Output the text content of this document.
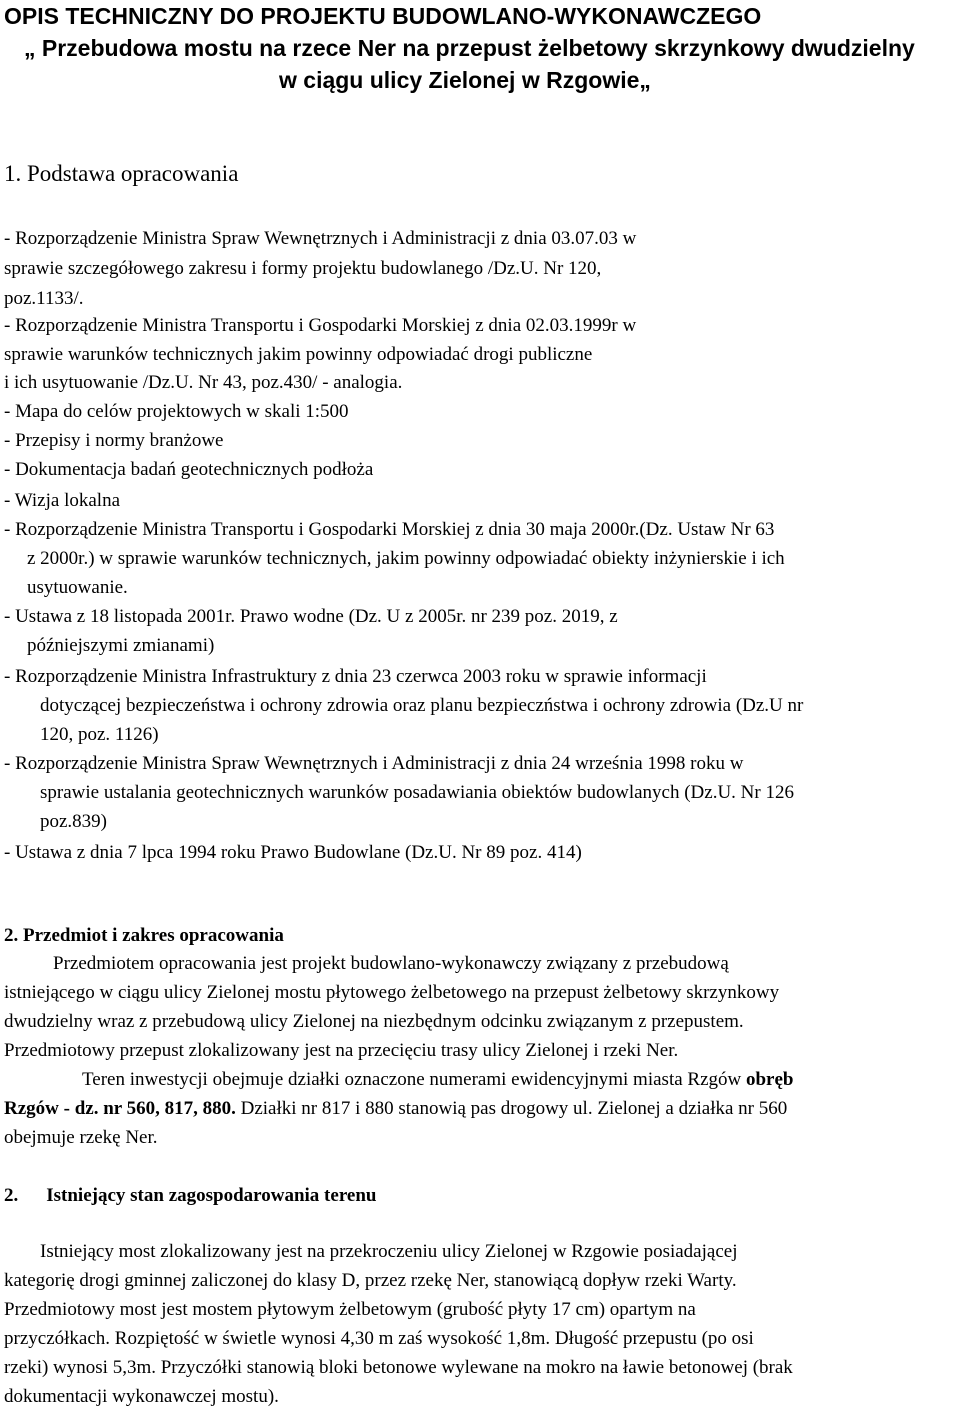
OPIS TECHNICZNY DO PROJEKTU BUDOWLANO-WYKONAWCZEGO
„ Przebudowa mostu na rzece Ner na przepust żelbetowy skrzynkowy dwudzielny
w ciągu ulicy Zielonej w Rzgowie„
1. Podstawa opracowania
- Rozporządzenie Ministra Spraw Wewnętrznych i Administracji z dnia 03.07.03 w
sprawie szczegółowego zakresu i formy projektu budowlanego /Dz.U. Nr 120,
poz.1133/.
- Rozporządzenie Ministra Transportu i Gospodarki Morskiej z dnia 02.03.1999r w
sprawie warunków technicznych jakim powinny odpowiadać drogi publiczne
i ich usytuowanie /Dz.U. Nr 43, poz.430/ - analogia.
- Mapa do celów projektowych w skali 1:500
- Przepisy i normy branżowe
- Dokumentacja badań geotechnicznych podłoża
- Wizja lokalna
- Rozporządzenie Ministra Transportu i Gospodarki Morskiej z dnia 30 maja 2000r.(Dz. Ustaw Nr 63
z 2000r.) w sprawie warunków technicznych, jakim powinny odpowiadać obiekty inżynierskie i ich
usytuowanie.
- Ustawa z 18 listopada 2001r. Prawo wodne (Dz. U z 2005r. nr 239 poz. 2019, z
późniejszymi zmianami)
- Rozporządzenie Ministra Infrastruktury z dnia 23 czerwca 2003 roku w sprawie informacji
dotyczącej bezpieczeństwa i ochrony zdrowia oraz planu bezpieczństwa i ochrony zdrowia (Dz.U nr
120, poz. 1126)
- Rozporządzenie Ministra Spraw Wewnętrznych i Administracji z dnia 24 września 1998 roku w
sprawie ustalania geotechnicznych warunków posadawiania obiektów budowlanych (Dz.U. Nr 126
poz.839)
- Ustawa z dnia 7 lpca 1994 roku Prawo Budowlane (Dz.U. Nr 89 poz. 414)
2. Przedmiot i zakres opracowania
Przedmiotem opracowania jest projekt budowlano-wykonawczy związany z przebudową
istniejącego w ciągu ulicy Zielonej mostu płytowego żelbetowego na przepust żelbetowy skrzynkowy
dwudzielny wraz z przebudową ulicy Zielonej na niezbędnym odcinku związanym z przepustem.
Przedmiotowy przepust zlokalizowany jest na przecięciu trasy ulicy Zielonej i rzeki Ner.
Teren inwestycji obejmuje działki oznaczone numerami ewidencyjnymi miasta Rzgów obręb
Rzgów - dz. nr 560, 817, 880. Działki nr 817 i 880 stanowią pas drogowy ul. Zielonej a działka nr 560
obejmuje rzekę Ner.
2. Istniejący stan zagospodarowania terenu
Istniejący most zlokalizowany jest na przekroczeniu ulicy Zielonej w Rzgowie posiadającej
kategorię drogi gminnej zaliczonej do klasy D, przez rzekę Ner, stanowiącą dopływ rzeki Warty.
Przedmiotowy most jest mostem płytowym żelbetowym (grubość płyty 17 cm) opartym na
przyczółkach. Rozpiętość w świetle wynosi 4,30 m zaś wysokość 1,8m. Długość przepustu (po osi
rzeki) wynosi 5,3m. Przyczółki stanowią bloki betonowe wylewane na mokro na ławie betonowej (brak
dokumentacji wykonawczej mostu).
